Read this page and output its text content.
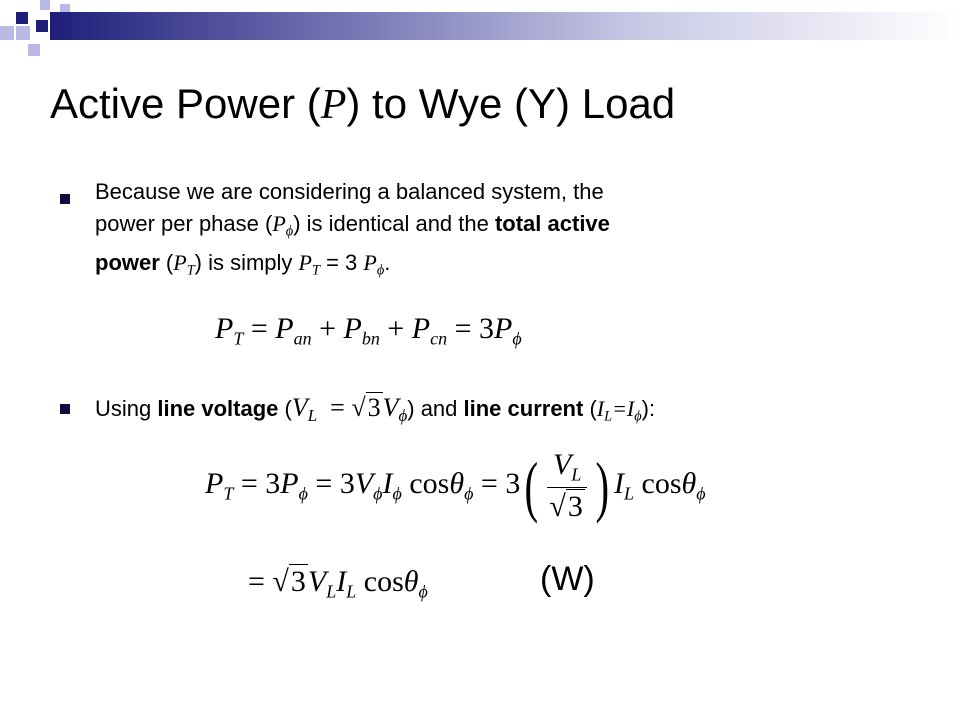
Active Power (P) to Wye (Y) Load
Because we are considering a balanced system, the
power per phase $(P_\phi)$ is identical and the total active
power $(P_T)$ is simply $P_T = 3$ $P_\phi$.
$P_T = P_{an} + P_{bn} + P_{cn} = 3P_\phi$
Using line voltage $(V_L = √3V_\phi)$ and line current $(I_L=I_\phi)$:
$P_T = 3P_\phi = 3V_\phi I_\phi$ $\cos\theta_\phi = 3( \frac{V_L}{√3}$ ) $I_L$ cosθ$_\phi$
= $√3V_LI_L$ cosθ$_\phi$	(W)
